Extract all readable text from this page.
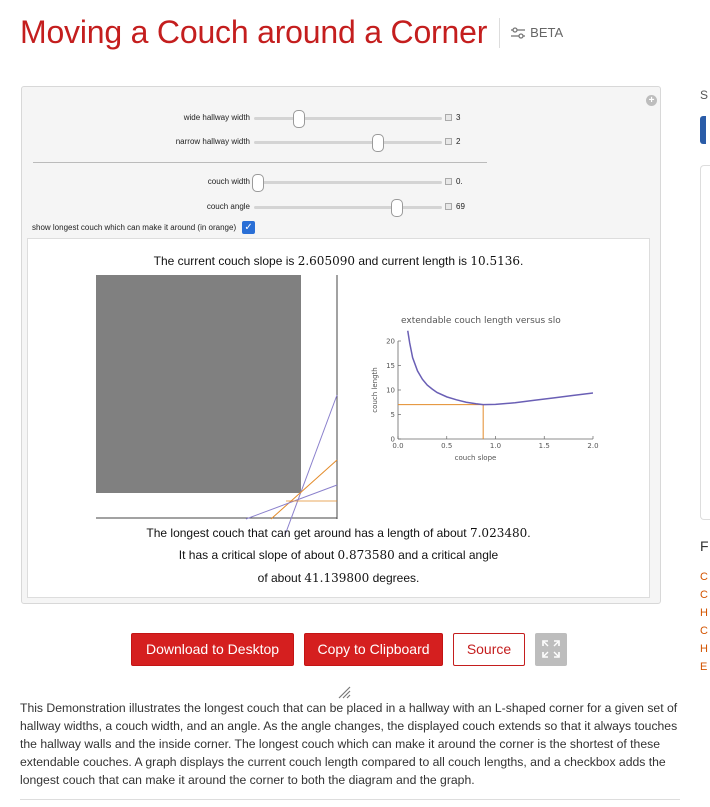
Moving a Couch around a Corner	BETA
S
F
C
C
H
C
H
E
+
wide hallway width	3
narrow hallway width	2
couch width	0.
couch angle	69
show longest couch which can make it around (in orange) ✓
The current couch slope is 2.605090 and current length is 10.5136.
0.0	0.5	1.0	1.5	2.0
0
5
10
15
20
extendable couch length versus slo
couch slope
couch length
The longest couch that can get around has a length of about 7.023480.
It has a critical slope of about 0.873580 and a critical angle
of about 41.139800 degrees.
Download to Desktop	Copy to Clipboard	Source

This Demonstration illustrates the longest couch that can be placed in a hallway with an L-shaped corner for a given set of hallway widths, a couch width, and an angle. As the angle changes, the displayed couch extends so that it always touches the hallway walls and the inside corner. The longest couch which can make it around the corner is the shortest of these extendable couches. A graph displays the current couch length compared to all couch lengths, and a checkbox adds the longest couch that can make it around the corner to both the diagram and the graph.
